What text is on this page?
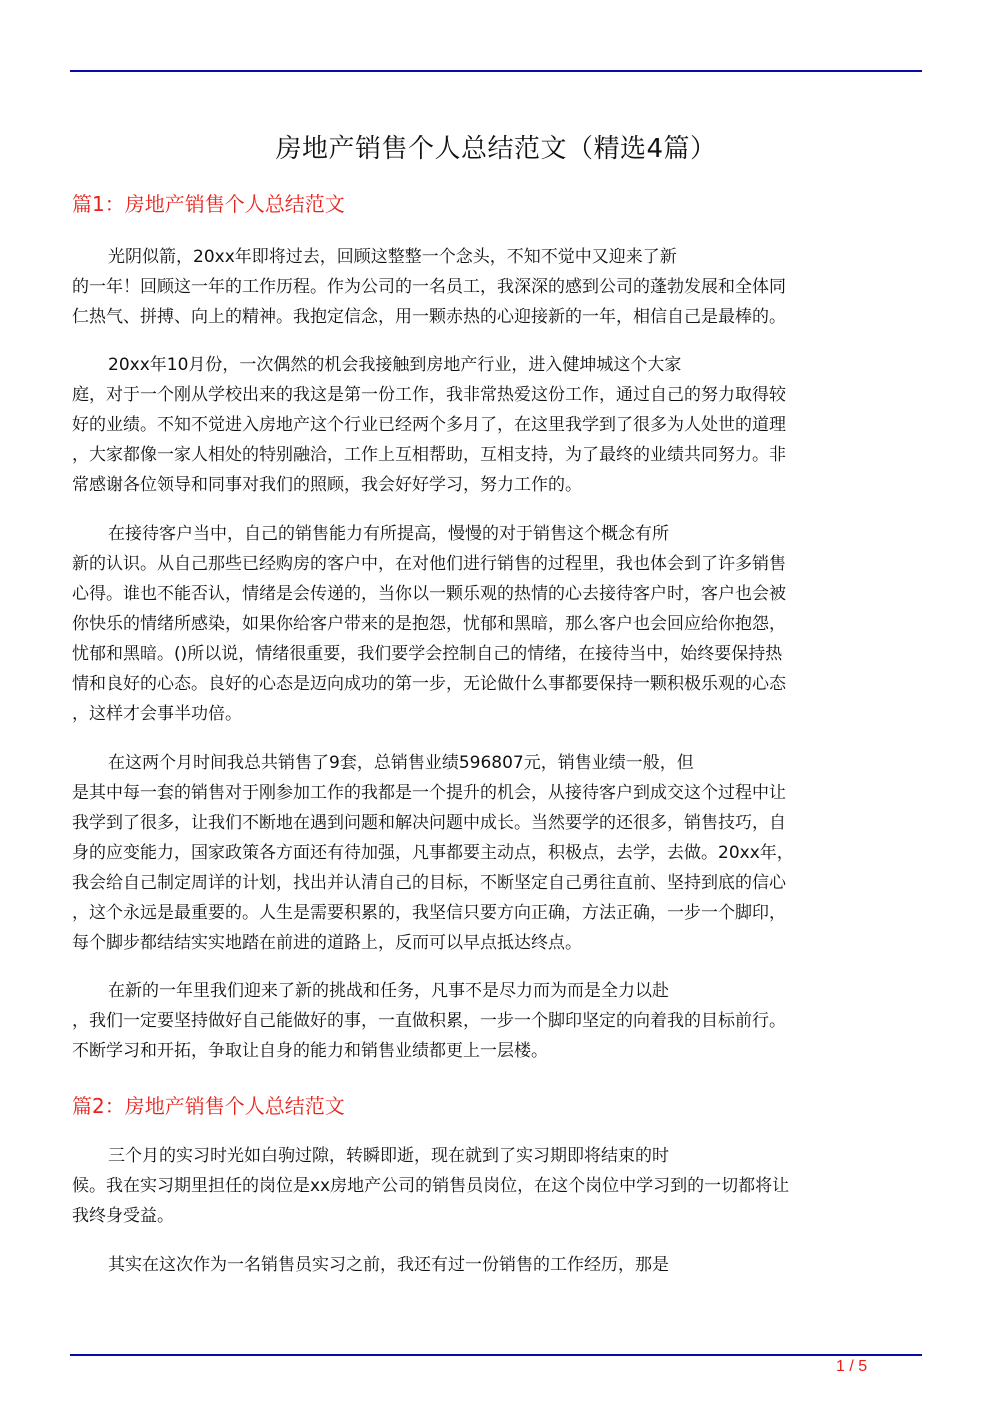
房地产销售个人总结范文（精选4篇）
篇1：房地产销售个人总结范文
光阴似箭，20xx年即将过去，回顾这整整一个念头，不知不觉中又迎来了新
的一年！回顾这一年的工作历程。作为公司的一名员工，我深深的感到公司的蓬勃发展和全体同
仁热气、拼搏、向上的精神。我抱定信念，用一颗赤热的心迎接新的一年，相信自己是最棒的。
20xx年10月份，一次偶然的机会我接触到房地产行业，进入健坤城这个大家
庭，对于一个刚从学校出来的我这是第一份工作，我非常热爱这份工作，通过自己的努力取得较
好的业绩。不知不觉进入房地产这个行业已经两个多月了，在这里我学到了很多为人处世的道理
，大家都像一家人相处的特别融洽，工作上互相帮助，互相支持，为了最终的业绩共同努力。非
常感谢各位领导和同事对我们的照顾，我会好好学习，努力工作的。
在接待客户当中，自己的销售能力有所提高，慢慢的对于销售这个概念有所
新的认识。从自己那些已经购房的客户中，在对他们进行销售的过程里，我也体会到了许多销售
心得。谁也不能否认，情绪是会传递的，当你以一颗乐观的热情的心去接待客户时，客户也会被
你快乐的情绪所感染，如果你给客户带来的是抱怨，忧郁和黑暗，那么客户也会回应给你抱怨，
忧郁和黑暗。()所以说，情绪很重要，我们要学会控制自己的情绪，在接待当中，始终要保持热
情和良好的心态。良好的心态是迈向成功的第一步，无论做什么事都要保持一颗积极乐观的心态
，这样才会事半功倍。
在这两个月时间我总共销售了9套，总销售业绩596807元，销售业绩一般，但
是其中每一套的销售对于刚参加工作的我都是一个提升的机会，从接待客户到成交这个过程中让
我学到了很多，让我们不断地在遇到问题和解决问题中成长。当然要学的还很多，销售技巧，自
身的应变能力，国家政策各方面还有待加强，凡事都要主动点，积极点，去学，去做。20xx年，
我会给自己制定周详的计划，找出并认清自己的目标，不断坚定自己勇往直前、坚持到底的信心
，这个永远是最重要的。人生是需要积累的，我坚信只要方向正确，方法正确，一步一个脚印，
每个脚步都结结实实地踏在前进的道路上，反而可以早点抵达终点。
在新的一年里我们迎来了新的挑战和任务，凡事不是尽力而为而是全力以赴
，我们一定要坚持做好自己能做好的事，一直做积累，一步一个脚印坚定的向着我的目标前行。
不断学习和开拓，争取让自身的能力和销售业绩都更上一层楼。
篇2：房地产销售个人总结范文
三个月的实习时光如白驹过隙，转瞬即逝，现在就到了实习期即将结束的时
候。我在实习期里担任的岗位是xx房地产公司的销售员岗位，在这个岗位中学习到的一切都将让
我终身受益。
其实在这次作为一名销售员实习之前，我还有过一份销售的工作经历，那是
1 / 5
